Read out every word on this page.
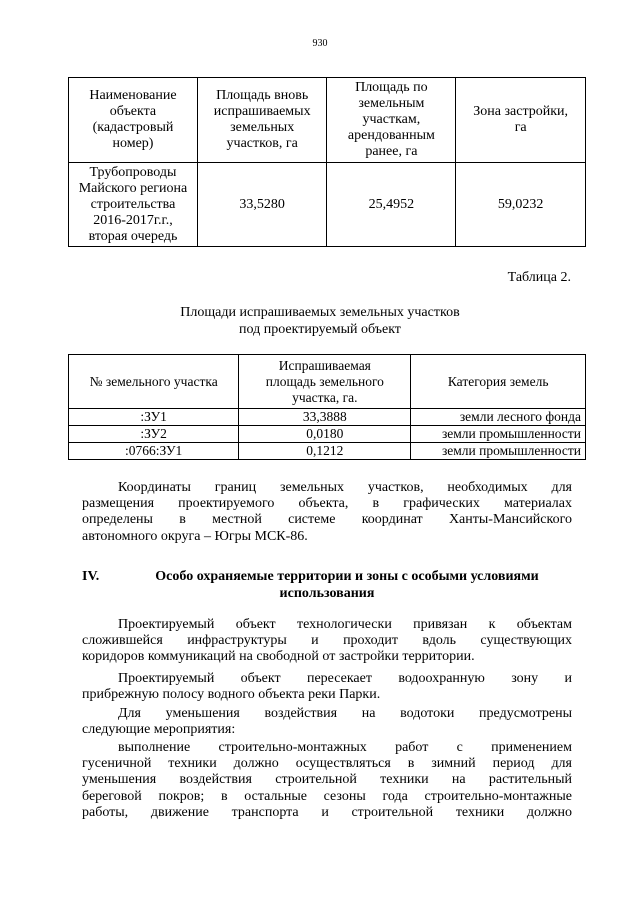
930
Наименование
объекта
(кадастровый
номер)	Площадь вновь
испрашиваемых
земельных
участков, га	Площадь по
земельным
участкам,
арендованным
ранее, га	Зона застройки,
га
Трубопроводы
Майского региона
строительства
2016-2017г.г.,
вторая очередь	33,5280	25,4952	59,0232
Таблица 2.
Площади испрашиваемых земельных участков
под проектируемый объект
№ земельного участка	Испрашиваемая
площадь земельного
участка, га.	Категория земель
:ЗУ1	33,3888	земли лесного фонда
:ЗУ2	0,0180	земли промышленности
:0766:ЗУ1	0,1212	земли промышленности
Координаты границ земельных участков, необходимых для
размещения проектируемого объекта, в графических материалах
определены в местной системе координат Ханты-Мансийского
автономного округа – Югры МСК-86.
IV.	Особо охраняемые территории и зоны с особыми условиями
использования
Проектируемый объект технологически привязан к объектам
сложившейся инфраструктуры и проходит вдоль существующих
коридоров коммуникаций на свободной от застройки территории.
Проектируемый объект пересекает водоохранную зону и
прибрежную полосу водного объекта реки Парки.
Для уменьшения воздействия на водотоки предусмотрены
следующие мероприятия:
выполнение строительно-монтажных работ с применением
гусеничной техники должно осуществляться в зимний период для
уменьшения воздействия строительной техники на растительный
береговой покров; в остальные сезоны года строительно-монтажные
работы, движение транспорта и строительной техники должно
